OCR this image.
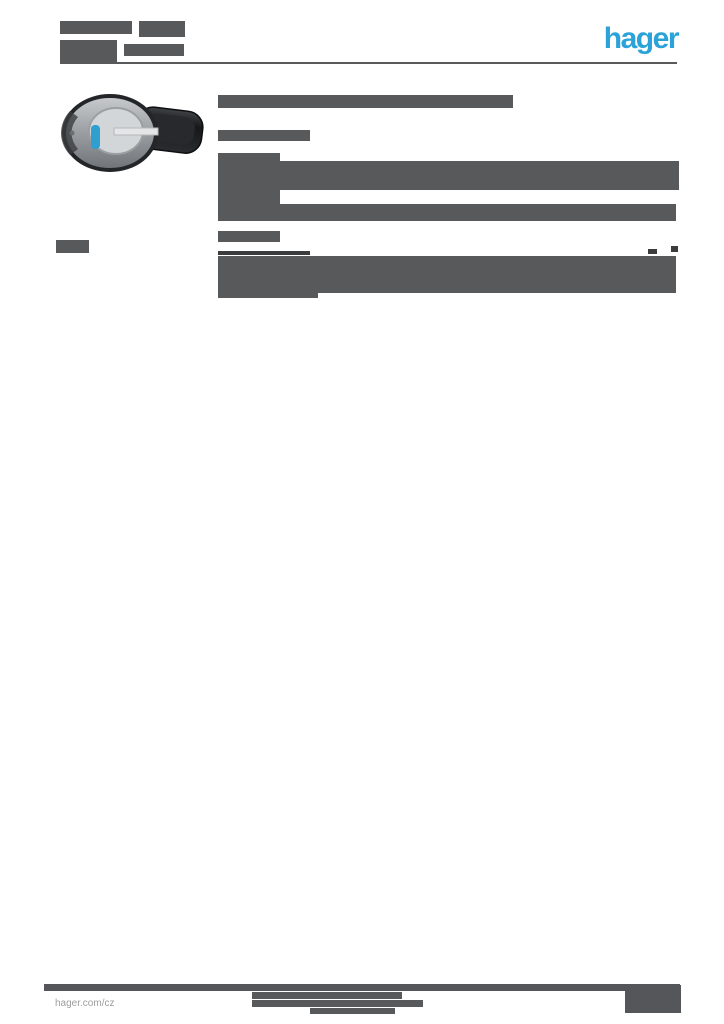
hager
hager.com/cz
